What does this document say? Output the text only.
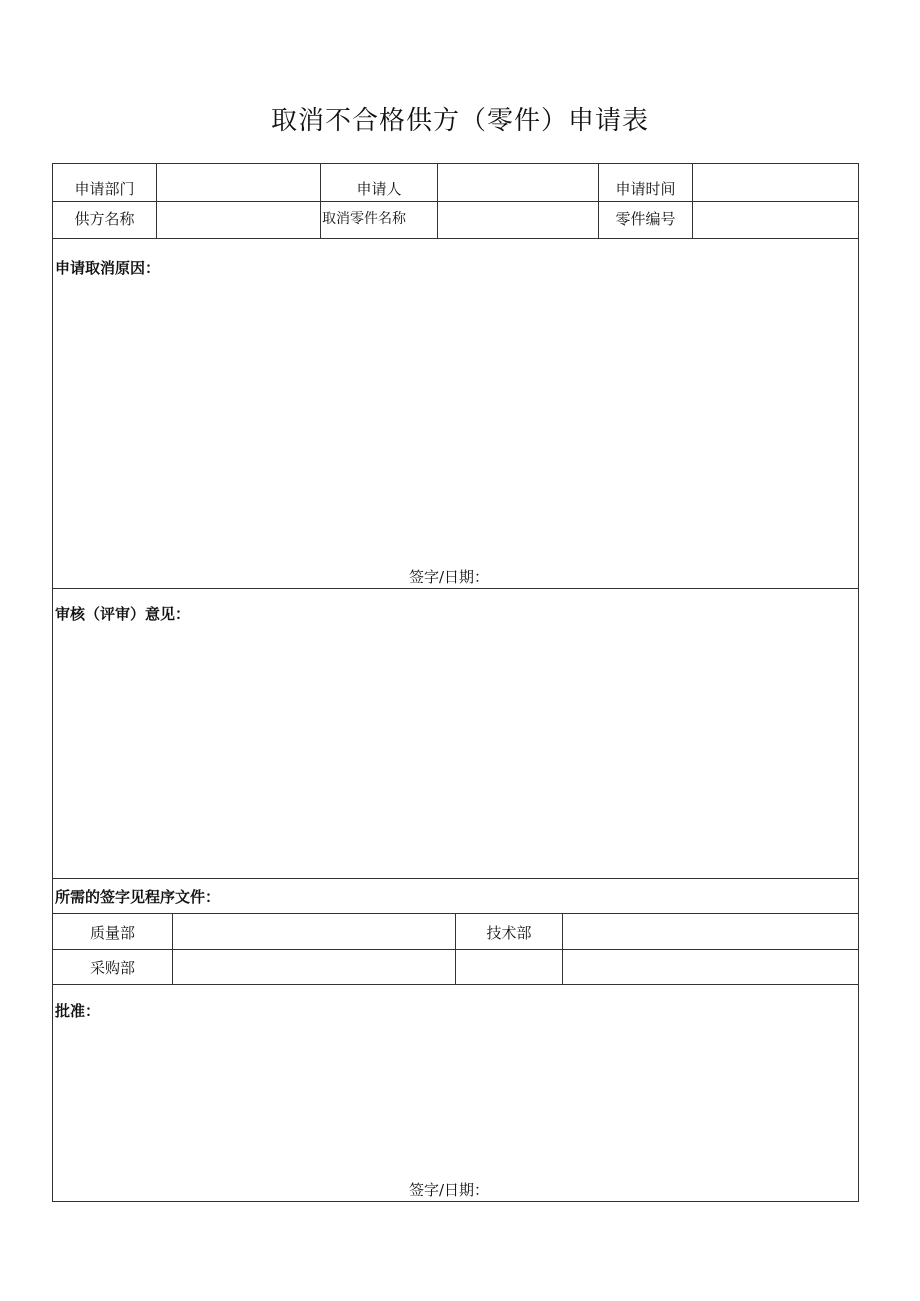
取消不合格供方（零件）申请表
申请部门	申请人	申请时间
供方名称	取消零件名称	零件编号
申请取消原因：
签字/日期：
审核（评审）意见：
所需的签字见程序文件：
质量部	技术部
采购部
批准：
签字/日期：
